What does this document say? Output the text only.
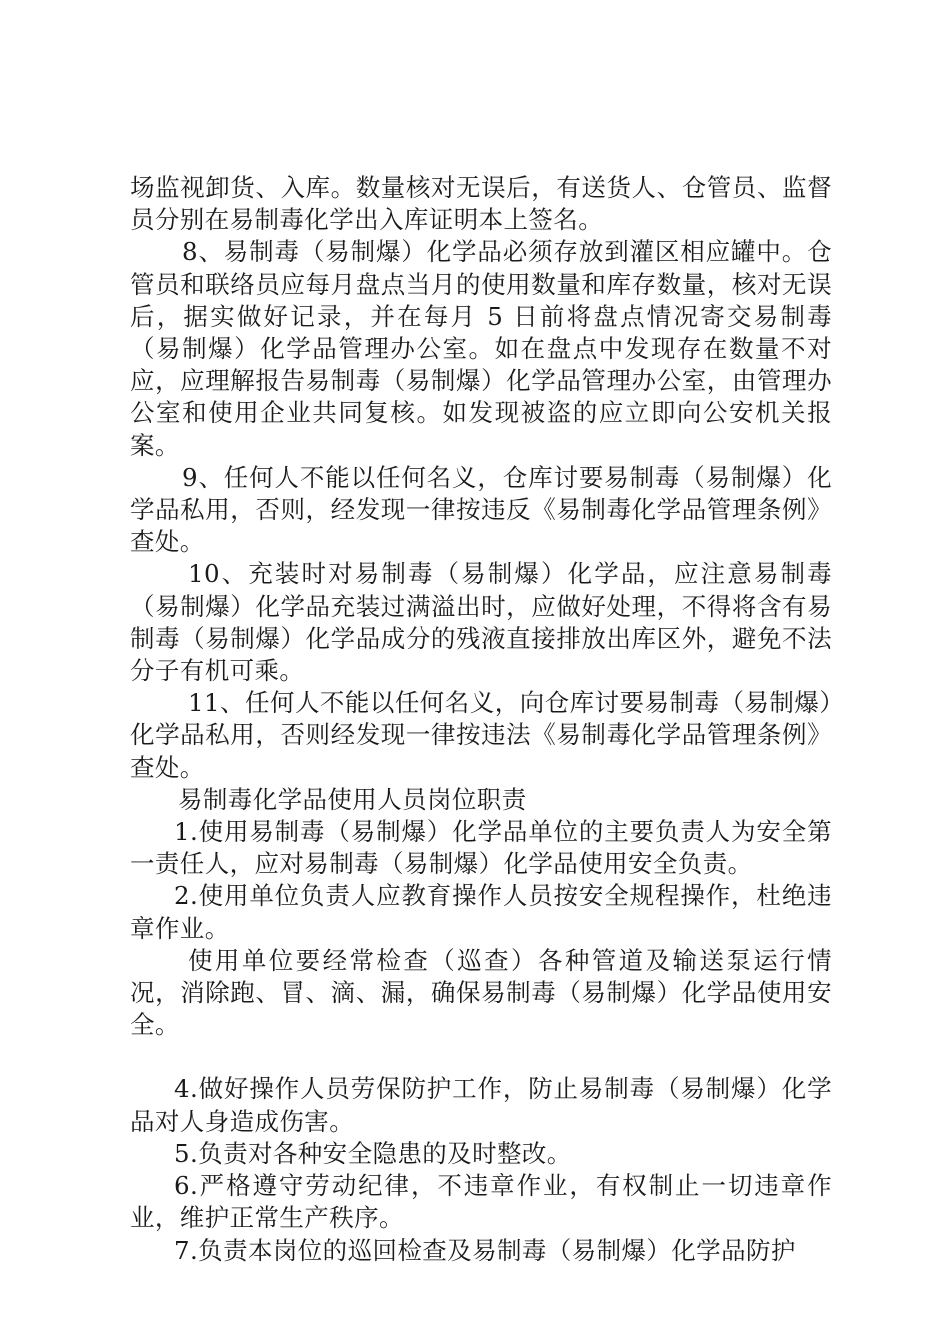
场监视卸货、入库。数量核对无误后，有送货人、仓管员、监督员分别在易制毒化学出入库证明本上签名。

8、易制毒（易制爆）化学品必须存放到灌区相应罐中。仓管员和联络员应每月盘点当月的使用数量和库存数量，核对无误后，据实做好记录，并在每月 5 日前将盘点情况寄交易制毒（易制爆）化学品管理办公室。如在盘点中发现存在数量不对应，应理解报告易制毒（易制爆）化学品管理办公室，由管理办公室和使用企业共同复核。如发现被盗的应立即向公安机关报案。

9、任何人不能以任何名义，仓库讨要易制毒（易制爆）化学品私用，否则，经发现一律按违反《易制毒化学品管理条例》查处。

10、充装时对易制毒（易制爆）化学品，应注意易制毒（易制爆）化学品充装过满溢出时，应做好处理，不得将含有易制毒（易制爆）化学品成分的残液直接排放出库区外，避免不法分子有机可乘。

11、任何人不能以任何名义，向仓库讨要易制毒（易制爆）化学品私用，否则经发现一律按违法《易制毒化学品管理条例》查处。

易制毒化学品使用人员岗位职责

1.使用易制毒（易制爆）化学品单位的主要负责人为安全第一责任人，应对易制毒（易制爆）化学品使用安全负责。

2.使用单位负责人应教育操作人员按安全规程操作，杜绝违章作业。

使用单位要经常检查（巡查）各种管道及输送泵运行情况，消除跑、冒、滴、漏，确保易制毒（易制爆）化学品使用安全。

4.做好操作人员劳保防护工作，防止易制毒（易制爆）化学品对人身造成伤害。

5.负责对各种安全隐患的及时整改。

6.严格遵守劳动纪律，不违章作业，有权制止一切违章作业，维护正常生产秩序。

7.负责本岗位的巡回检查及易制毒（易制爆）化学品防护
